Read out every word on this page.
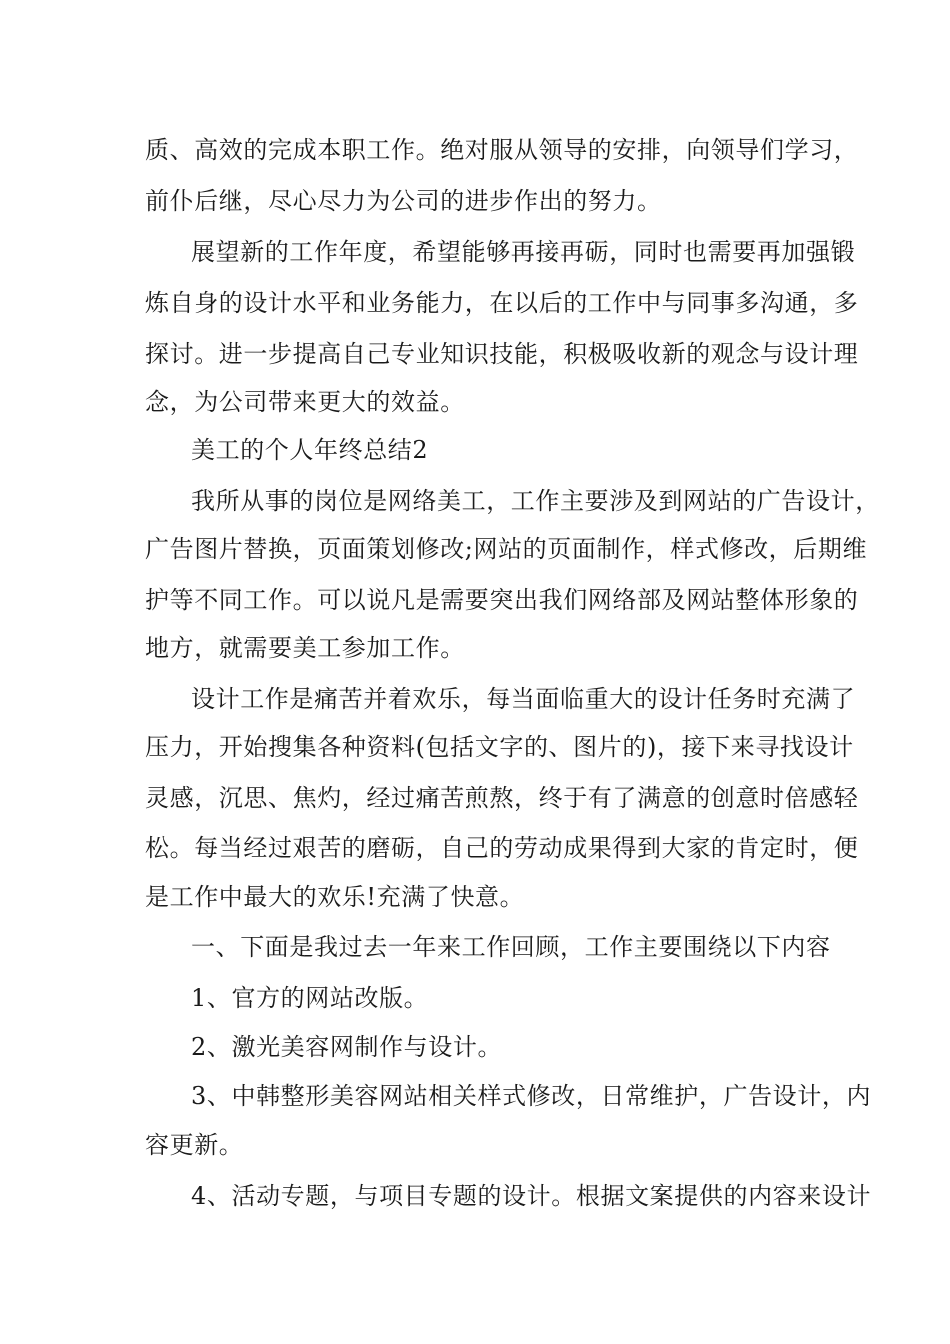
质、高效的完成本职工作。绝对服从领导的安排，向领导们学习，

前仆后继，尽心尽力为公司的进步作出的努力。

展望新的工作年度，希望能够再接再砺，同时也需要再加强锻

炼自身的设计水平和业务能力，在以后的工作中与同事多沟通，多

探讨。进一步提高自己专业知识技能，积极吸收新的观念与设计理

念，为公司带来更大的效益。

美工的个人年终总结2

我所从事的岗位是网络美工，工作主要涉及到网站的广告设计，

广告图片替换，页面策划修改;网站的页面制作，样式修改，后期维

护等不同工作。可以说凡是需要突出我们网络部及网站整体形象的

地方，就需要美工参加工作。

设计工作是痛苦并着欢乐，每当面临重大的设计任务时充满了

压力，开始搜集各种资料(包括文字的、图片的)，接下来寻找设计

灵感，沉思、焦灼，经过痛苦煎熬，终于有了满意的创意时倍感轻

松。每当经过艰苦的磨砺，自己的劳动成果得到大家的肯定时，便

是工作中最大的欢乐!充满了快意。

一、下面是我过去一年来工作回顾，工作主要围绕以下内容

1、官方的网站改版。

2、激光美容网制作与设计。

3、中韩整形美容网站相关样式修改，日常维护，广告设计，内

容更新。

4、活动专题，与项目专题的设计。根据文案提供的内容来设计
